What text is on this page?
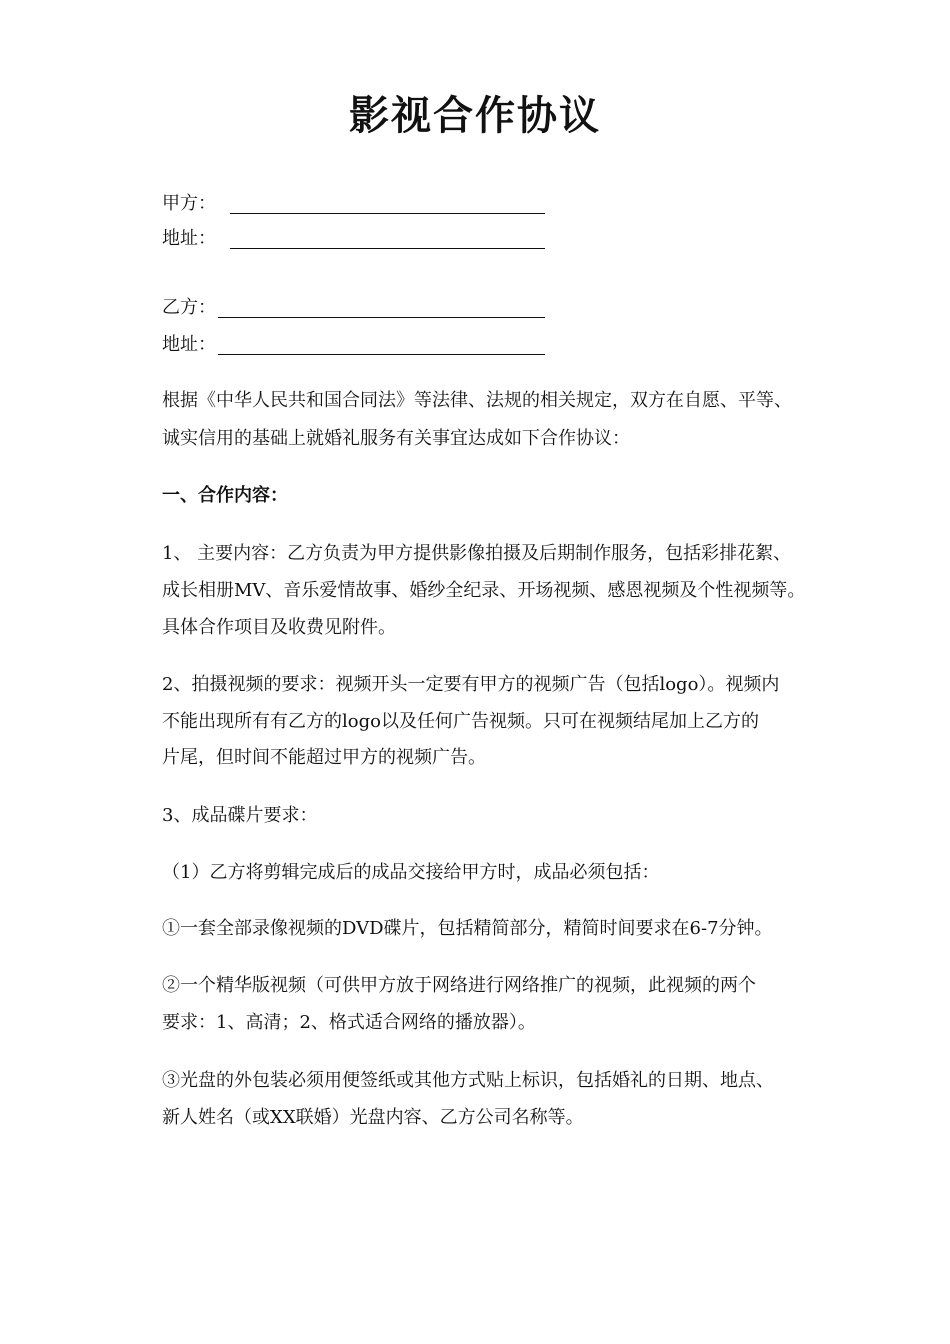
影视合作协议
甲方：
地址：
乙方：
地址：
根据《中华人民共和国合同法》等法律、法规的相关规定，双方在自愿、平等、
诚实信用的基础上就婚礼服务有关事宜达成如下合作协议：
一、合作内容：
1、 主要内容：乙方负责为甲方提供影像拍摄及后期制作服务，包括彩排花絮、
成长相册MV、音乐爱情故事、婚纱全纪录、开场视频、感恩视频及个性视频等。
具体合作项目及收费见附件。
2、拍摄视频的要求：视频开头一定要有甲方的视频广告（包括logo）。视频内
不能出现所有有乙方的logo以及任何广告视频。只可在视频结尾加上乙方的
片尾，但时间不能超过甲方的视频广告。
3、成品碟片要求：
（1）乙方将剪辑完成后的成品交接给甲方时，成品必须包括：
①一套全部录像视频的DVD碟片，包括精简部分，精简时间要求在6-7分钟。
②一个精华版视频（可供甲方放于网络进行网络推广的视频，此视频的两个
要求：1、高清；2、格式适合网络的播放器）。
③光盘的外包装必须用便签纸或其他方式贴上标识，包括婚礼的日期、地点、
新人姓名（或XX联婚）光盘内容、乙方公司名称等。
